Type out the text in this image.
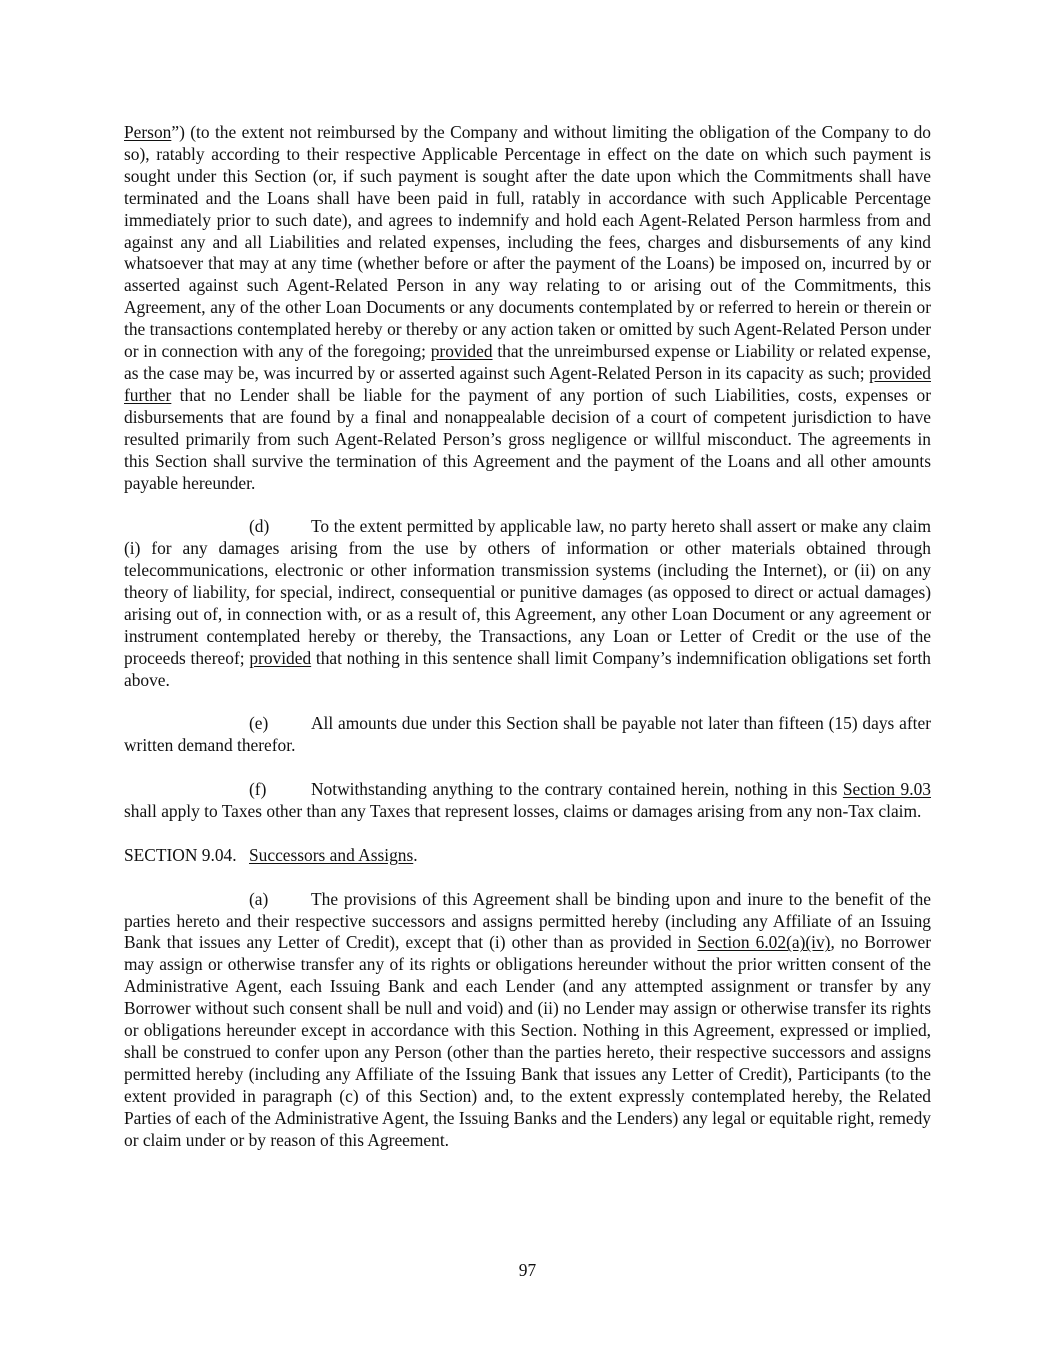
Person”) (to the extent not reimbursed by the Company and without limiting the obligation of the Company to do so), ratably according to their respective Applicable Percentage in effect on the date on which such payment is sought under this Section (or, if such payment is sought after the date upon which the Commitments shall have terminated and the Loans shall have been paid in full, ratably in accordance with such Applicable Percentage immediately prior to such date), and agrees to indemnify and hold each Agent-Related Person harmless from and against any and all Liabilities and related expenses, including the fees, charges and disbursements of any kind whatsoever that may at any time (whether before or after the payment of the Loans) be imposed on, incurred by or asserted against such Agent-Related Person in any way relating to or arising out of the Commitments, this Agreement, any of the other Loan Documents or any documents contemplated by or referred to herein or therein or the transactions contemplated hereby or thereby or any action taken or omitted by such Agent-Related Person under or in connection with any of the foregoing; provided that the unreimbursed expense or Liability or related expense, as the case may be, was incurred by or asserted against such Agent-Related Person in its capacity as such; provided further that no Lender shall be liable for the payment of any portion of such Liabilities, costs, expenses or disbursements that are found by a final and nonappealable decision of a court of competent jurisdiction to have resulted primarily from such Agent-Related Person’s gross negligence or willful misconduct. The agreements in this Section shall survive the termination of this Agreement and the payment of the Loans and all other amounts payable hereunder.

(d) To the extent permitted by applicable law, no party hereto shall assert or make any claim (i) for any damages arising from the use by others of information or other materials obtained through telecommunications, electronic or other information transmission systems (including the Internet), or (ii) on any theory of liability, for special, indirect, consequential or punitive damages (as opposed to direct or actual damages) arising out of, in connection with, or as a result of, this Agreement, any other Loan Document or any agreement or instrument contemplated hereby or thereby, the Transactions, any Loan or Letter of Credit or the use of the proceeds thereof; provided that nothing in this sentence shall limit Company’s indemnification obligations set forth above.

(e) All amounts due under this Section shall be payable not later than fifteen (15) days after written demand therefor.

(f)	Notwithstanding anything to the contrary contained herein, nothing in this Section 9.03 shall apply to Taxes other than any Taxes that represent losses, claims or damages arising from any non-Tax claim.

SECTION 9.04. Successors and Assigns.

(a) The provisions of this Agreement shall be binding upon and inure to the benefit of the parties hereto and their respective successors and assigns permitted hereby (including any Affiliate of an Issuing Bank that issues any Letter of Credit), except that (i) other than as provided in Section 6.02(a)(iv), no Borrower may assign or otherwise transfer any of its rights or obligations hereunder without the prior written consent of the Administrative Agent, each Issuing Bank and each Lender (and any attempted assignment or transfer by any Borrower without such consent shall be null and void) and (ii) no Lender may assign or otherwise transfer its rights or obligations hereunder except in accordance with this Section. Nothing in this Agreement, expressed or implied, shall be construed to confer upon any Person (other than the parties hereto, their respective successors and assigns permitted hereby (including any Affiliate of the Issuing Bank that issues any Letter of Credit), Participants (to the extent provided in paragraph (c) of this Section) and, to the extent expressly contemplated hereby, the Related Parties of each of the Administrative Agent, the Issuing Banks and the Lenders) any legal or equitable right, remedy or claim under or by reason of this Agreement.

97
